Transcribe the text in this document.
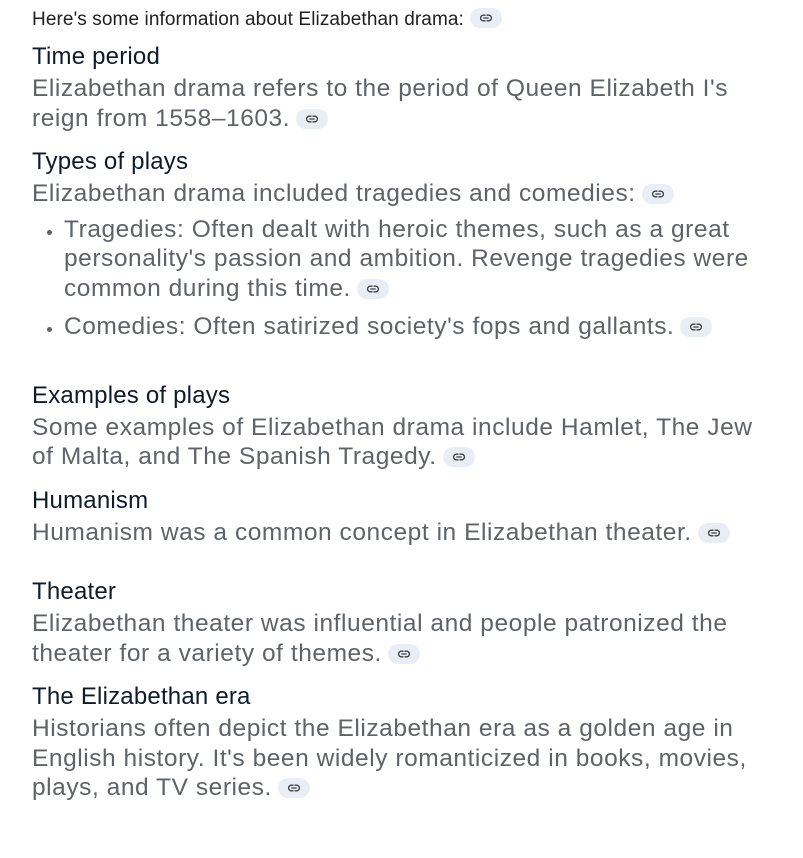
Here's some information about Elizabethan drama:
Time period

Elizabethan drama refers to the period of Queen Elizabeth I's reign from 1558–1603.

Types of plays

Elizabethan drama included tragedies and comedies:

• Tragedies: Often dealt with heroic themes, such as a great personality's passion and ambition. Revenge tragedies were common during this time.
• Comedies: Often satirized society's fops and gallants.
Examples of plays

Some examples of Elizabethan drama include Hamlet, The Jew of Malta, and The Spanish Tragedy.

Humanism

Humanism was a common concept in Elizabethan theater.

Theater

Elizabethan theater was influential and people patronized the theater for a variety of themes.

The Elizabethan era

Historians often depict the Elizabethan era as a golden age in English history. It's been widely romanticized in books, movies, plays, and TV series.
